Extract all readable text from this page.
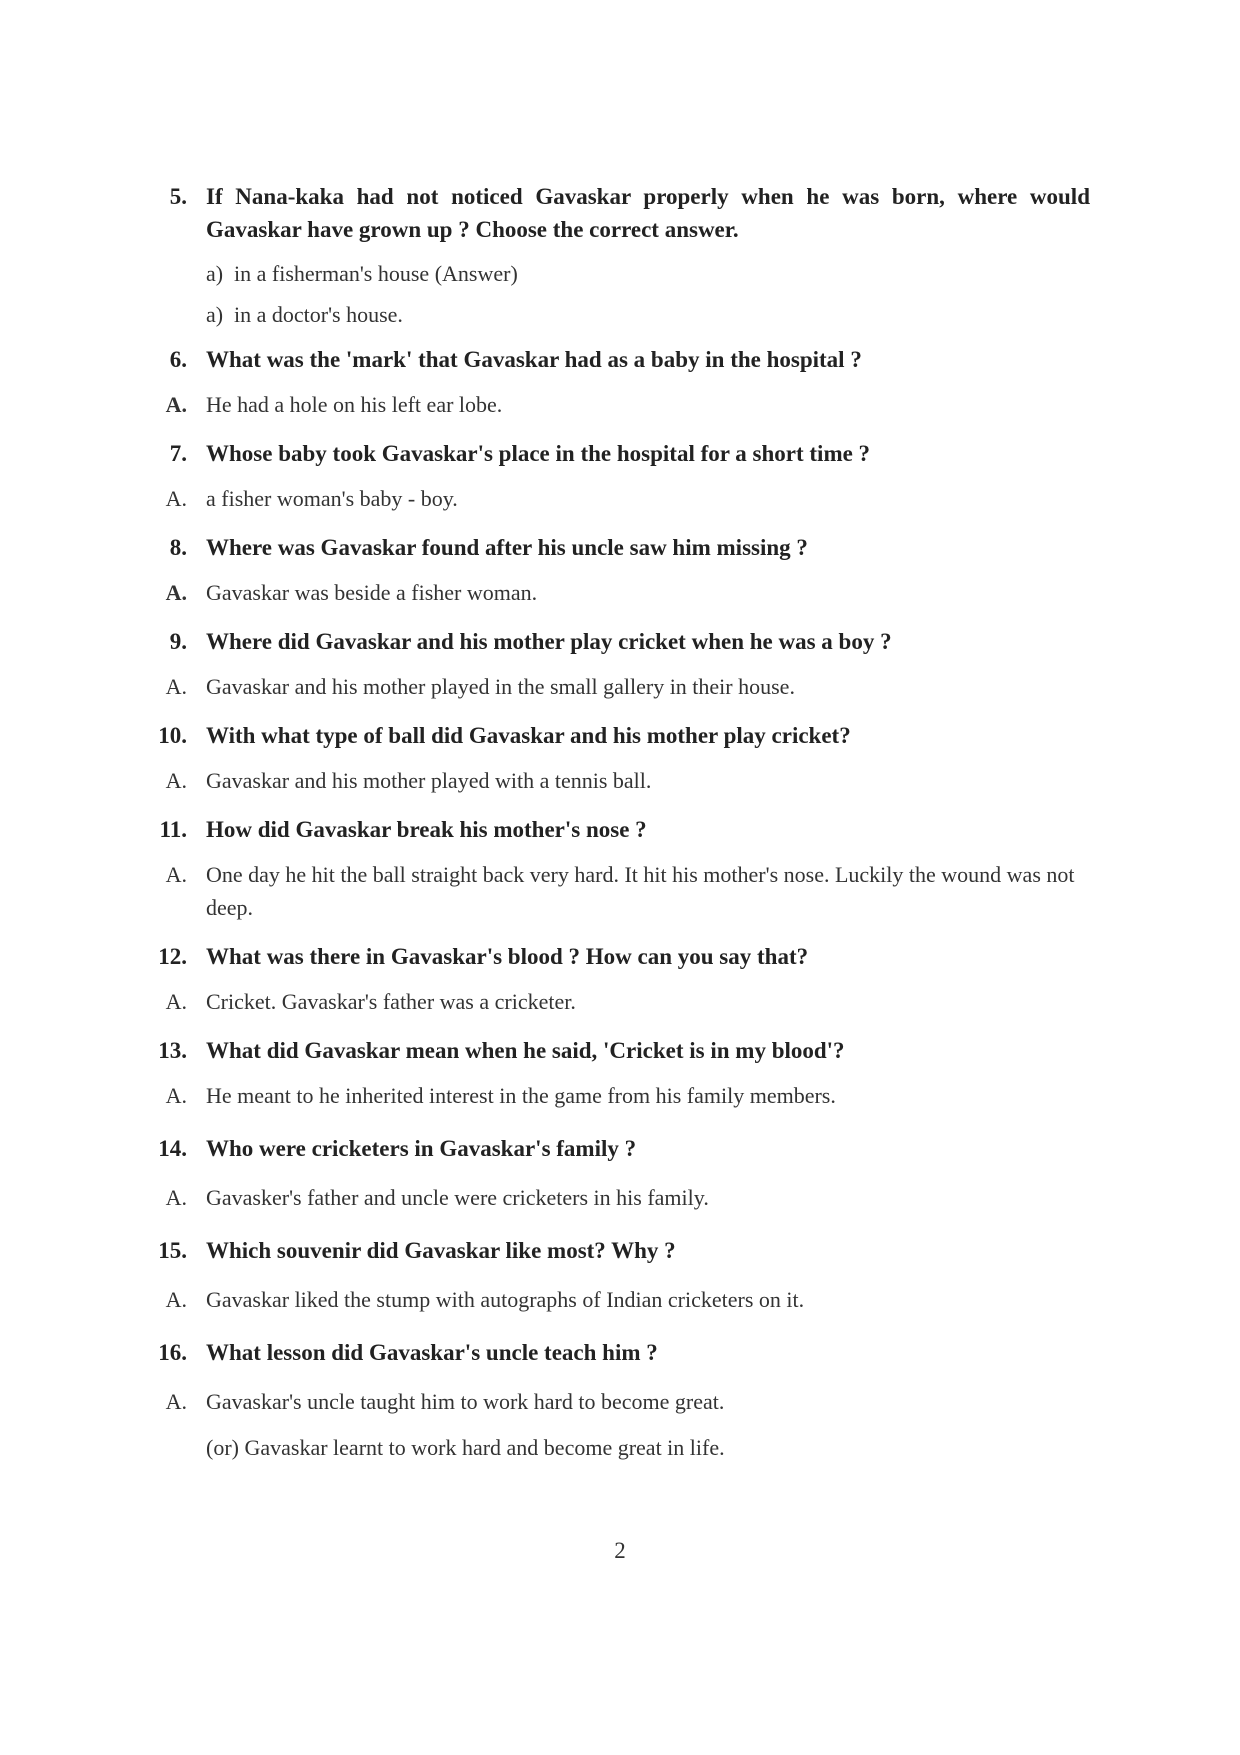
5. If Nana-kaka had not noticed Gavaskar properly when he was born, where would Gavaskar have grown up ? Choose the correct answer.
a) in a fisherman's house (Answer)
a) in a doctor's house.
6. What was the 'mark' that Gavaskar had as a baby in the hospital ?
A. He had a hole on his left ear lobe.
7. Whose baby took Gavaskar's place in the hospital for a short time ?
A. a fisher woman's baby - boy.
8. Where was Gavaskar found after his uncle saw him missing ?
A. Gavaskar was beside a fisher woman.
9. Where did Gavaskar and his mother play cricket when he was a boy ?
A. Gavaskar and his mother played in the small gallery in their house.
10. With what type of ball did Gavaskar and his mother play cricket?
A. Gavaskar and his mother played with a tennis ball.
11. How did Gavaskar break his mother's nose ?
A. One day he hit the ball straight back very hard. It hit his mother's nose. Luckily the wound was not deep.
12. What was there in Gavaskar's blood ? How can you say that?
A. Cricket. Gavaskar's father was a cricketer.
13. What did Gavaskar mean when he said, 'Cricket is in my blood'?
A. He meant to he inherited interest in the game from his family members.
14. Who were cricketers in Gavaskar's family ?
A. Gavasker's father and uncle were cricketers in his family.
15. Which souvenir did Gavaskar like most? Why ?
A. Gavaskar liked the stump with autographs of Indian cricketers on it.
16. What lesson did Gavaskar's uncle teach him ?
A. Gavaskar's uncle taught him to work hard to become great.
(or) Gavaskar learnt to work hard and become great in life.
2
